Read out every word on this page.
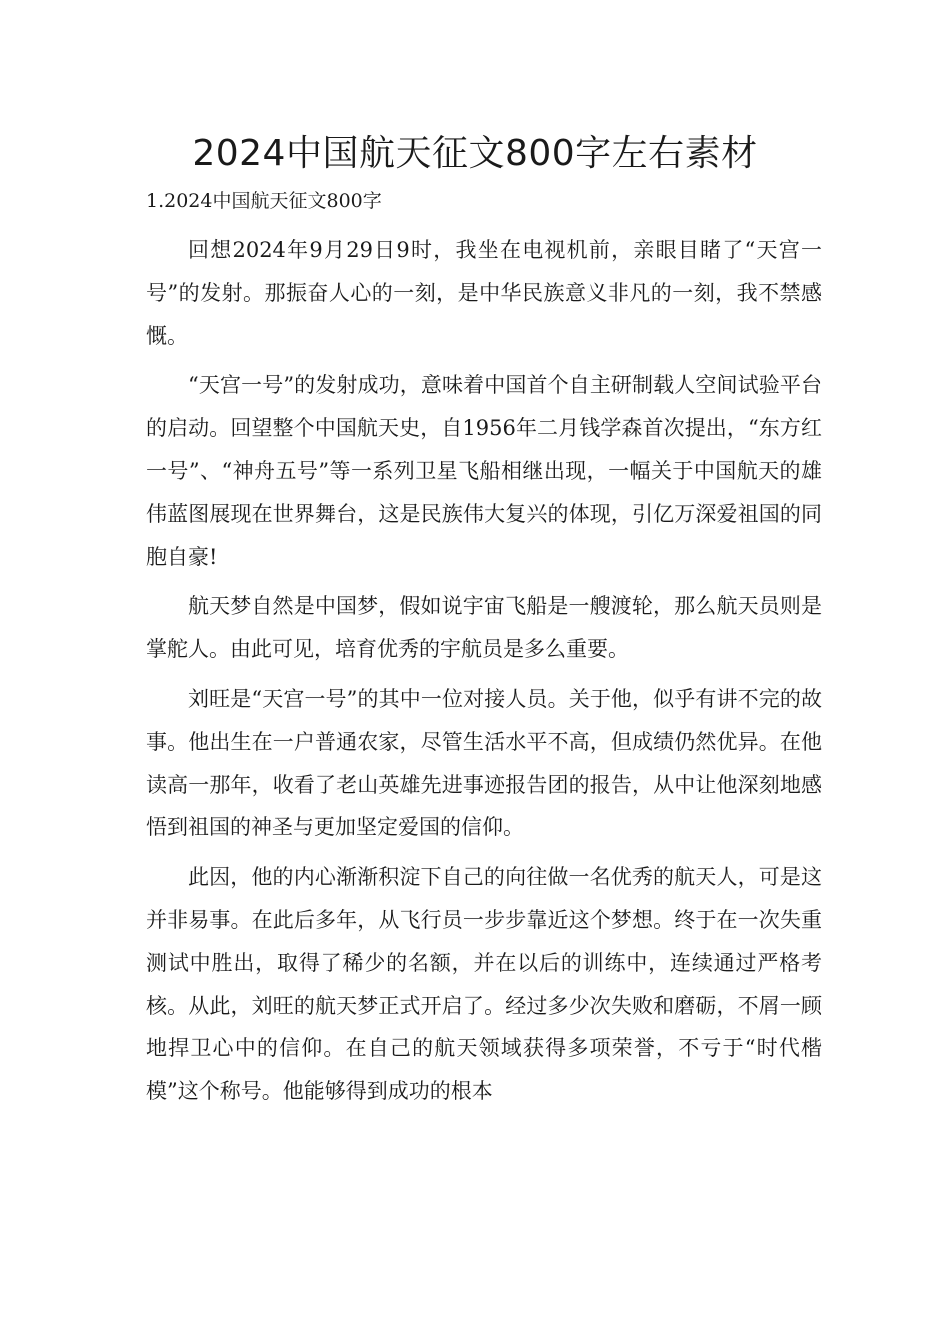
2024中国航天征文800字左右素材
1.2024中国航天征文800字

回想2024年9月29日9时，我坐在电视机前，亲眼目睹了“天宫一号”的发射。那振奋人心的一刻，是中华民族意义非凡的一刻，我不禁感慨。

“天宫一号”的发射成功，意味着中国首个自主研制载人空间试验平台的启动。回望整个中国航天史，自1956年二月钱学森首次提出，“东方红一号”、“神舟五号”等一系列卫星飞船相继出现，一幅关于中国航天的雄伟蓝图展现在世界舞台，这是民族伟大复兴的体现，引亿万深爱祖国的同胞自豪!

航天梦自然是中国梦，假如说宇宙飞船是一艘渡轮，那么航天员则是掌舵人。由此可见，培育优秀的宇航员是多么重要。

刘旺是“天宫一号”的其中一位对接人员。关于他，似乎有讲不完的故事。他出生在一户普通农家，尽管生活水平不高，但成绩仍然优异。在他读高一那年，收看了老山英雄先进事迹报告团的报告，从中让他深刻地感悟到祖国的神圣与更加坚定爱国的信仰。

此因，他的内心渐渐积淀下自己的向往做一名优秀的航天人，可是这并非易事。在此后多年，从飞行员一步步靠近这个梦想。终于在一次失重测试中胜出，取得了稀少的名额，并在以后的训练中，连续通过严格考核。从此，刘旺的航天梦正式开启了。经过多少次失败和磨砺，不屑一顾地捍卫心中的信仰。在自己的航天领域获得多项荣誉，不亏于“时代楷模”这个称号。他能够得到成功的根本
